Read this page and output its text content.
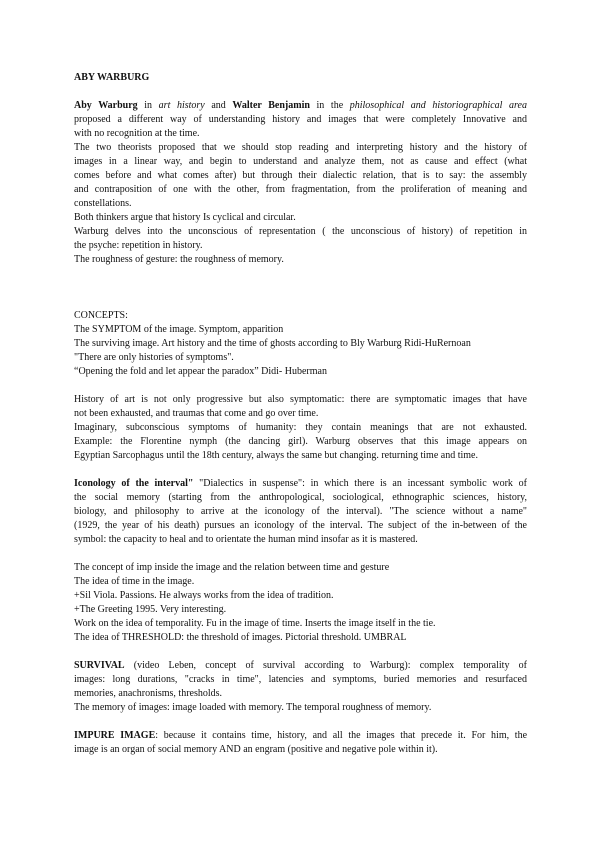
ABY WARBURG
Aby Warburg in art history and Walter Benjamin in the philosophical and historiographical area
proposed a different way of understanding history and images that were completely Innovative and
with no recognition at the time.
The two theorists proposed that we should stop reading and interpreting history and the history of
images in a linear way, and begin to understand and analyze them, not as cause and effect (what
comes before and what comes after) but through their dialectic relation, that is to say: the assembly
and contraposition of one with the other, from fragmentation, from the proliferation of meaning and
constellations.
Both thinkers argue that history Is cyclical and circular.
Warburg delves into the unconscious of representation ( the unconscious of history) of repetition in
the psyche: repetition in history.
The roughness of gesture: the roughness of memory.
CONCEPTS:
The SYMPTOM of the image. Symptom, apparition
The surviving image. Art history and the time of ghosts according to Bly Warburg Ridi-HuRernoan
"There are only histories of symptoms".
“Opening the fold and let appear the paradox” Didi- Huberman
History of art is not only progressive but also symptomatic: there are symptomatic images that have
not been exhausted, and traumas that come and go over time.
Imaginary, subconscious symptoms of humanity: they contain meanings that are not exhausted.
Example: the Florentine nymph (the dancing girl). Warburg observes that this image appears on
Egyptian Sarcophagus until the 18th century, always the same but changing. returning time and time.
Iconology of the interval" "Dialectics in suspense": in which there is an incessant symbolic work of
the social memory (starting from the anthropological, sociological, ethnographic sciences, history,
biology, and philosophy to arrive at the iconology of the interval). "The science without a name"
(1929, the year of his death) pursues an iconology of the interval. The subject of the in-between of the
symbol: the capacity to heal and to orientate the human mind insofar as it is mastered.
The concept of imp inside the image and the relation between time and gesture
The idea of time in the image.
+Sil Viola. Passions. He always works from the idea of tradition.
+The Greeting 1995. Very interesting.
Work on the idea of temporality. Fu in the image of time. Inserts the image itself in the tie.
The idea of THRESHOLD: the threshold of images. Pictorial threshold. UMBRAL
SURVIVAL (video Leben, concept of survival according to Warburg): complex temporality of
images: long durations, "cracks in time", latencies and symptoms, buried memories and resurfaced
memories, anachronisms, thresholds.
The memory of images: image loaded with memory. The temporal roughness of memory.
IMPURE IMAGE: because it contains time, history, and all the images that precede it. For him, the
image is an organ of social memory AND an engram (positive and negative pole within it).
